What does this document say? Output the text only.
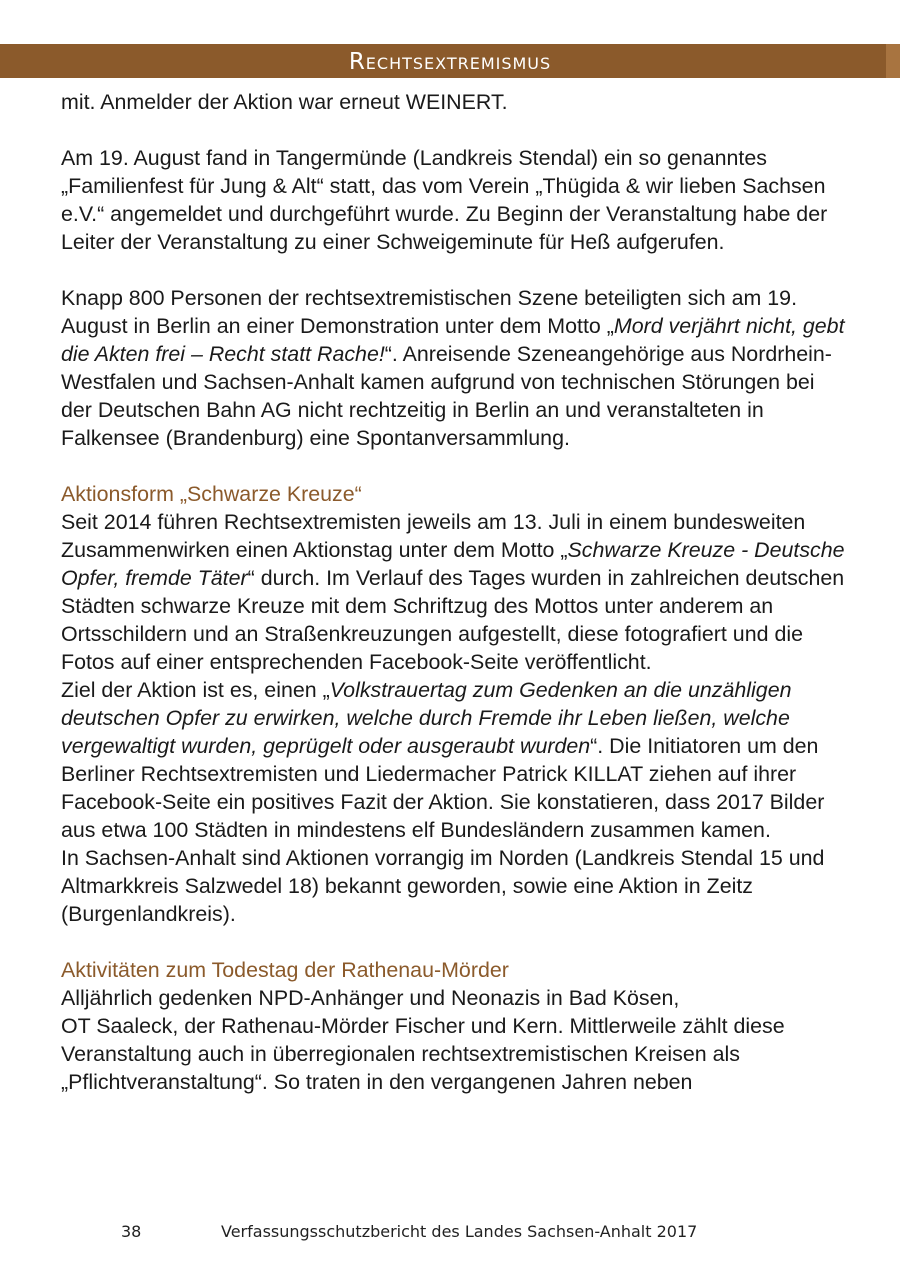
Rechtsextremismus

mit. Anmelder der Aktion war erneut WEINERT.

Am 19. August fand in Tangermünde (Landkreis Stendal) ein so genanntes „Familienfest für Jung & Alt“ statt, das vom Verein „Thügida & wir lieben Sachsen e.V.“ angemeldet und durchgeführt wurde. Zu Beginn der Veranstaltung habe der Leiter der Veranstaltung zu einer Schweigeminute für Heß aufgerufen.

Knapp 800 Personen der rechtsextremistischen Szene beteiligten sich am 19. August in Berlin an einer Demonstration unter dem Motto „Mord verjährt nicht, gebt die Akten frei – Recht statt Rache!“. Anreisende Szeneangehörige aus Nordrhein-Westfalen und Sachsen-Anhalt kamen aufgrund von technischen Störungen bei der Deutschen Bahn AG nicht rechtzeitig in Berlin an und veranstalteten in Falkensee (Brandenburg) eine Spontanversammlung.

Aktionsform „Schwarze Kreuze“

Seit 2014 führen Rechtsextremisten jeweils am 13. Juli in einem bundesweiten Zusammenwirken einen Aktionstag unter dem Motto „Schwarze Kreuze - Deutsche Opfer, fremde Täter“ durch. Im Verlauf des Tages wurden in zahlreichen deutschen Städten schwarze Kreuze mit dem Schriftzug des Mottos unter anderem an Ortsschildern und an Straßenkreuzungen aufgestellt, diese fotografiert und die Fotos auf einer entsprechenden Facebook-Seite veröffentlicht.

Ziel der Aktion ist es, einen „Volkstrauertag zum Gedenken an die unzähligen deutschen Opfer zu erwirken, welche durch Fremde ihr Leben ließen, welche vergewaltigt wurden, geprügelt oder ausgeraubt wurden“. Die Initiatoren um den Berliner Rechtsextremisten und Liedermacher Patrick KILLAT ziehen auf ihrer Facebook-Seite ein positives Fazit der Aktion. Sie konstatieren, dass 2017 Bilder aus etwa 100 Städten in mindestens elf Bundesländern zusammen kamen.

In Sachsen-Anhalt sind Aktionen vorrangig im Norden (Landkreis Stendal 15 und Altmarkkreis Salzwedel 18) bekannt geworden, sowie eine Aktion in Zeitz (Burgenlandkreis).

Aktivitäten zum Todestag der Rathenau-Mörder

Alljährlich gedenken NPD-Anhänger und Neonazis in Bad Kösen,
OT Saaleck, der Rathenau-Mörder Fischer und Kern. Mittlerweile zählt diese Veranstaltung auch in überregionalen rechtsextremistischen Kreisen als „Pflichtveranstaltung“. So traten in den vergangenen Jahren neben

38	Verfassungsschutzbericht des Landes Sachsen-Anhalt 2017
